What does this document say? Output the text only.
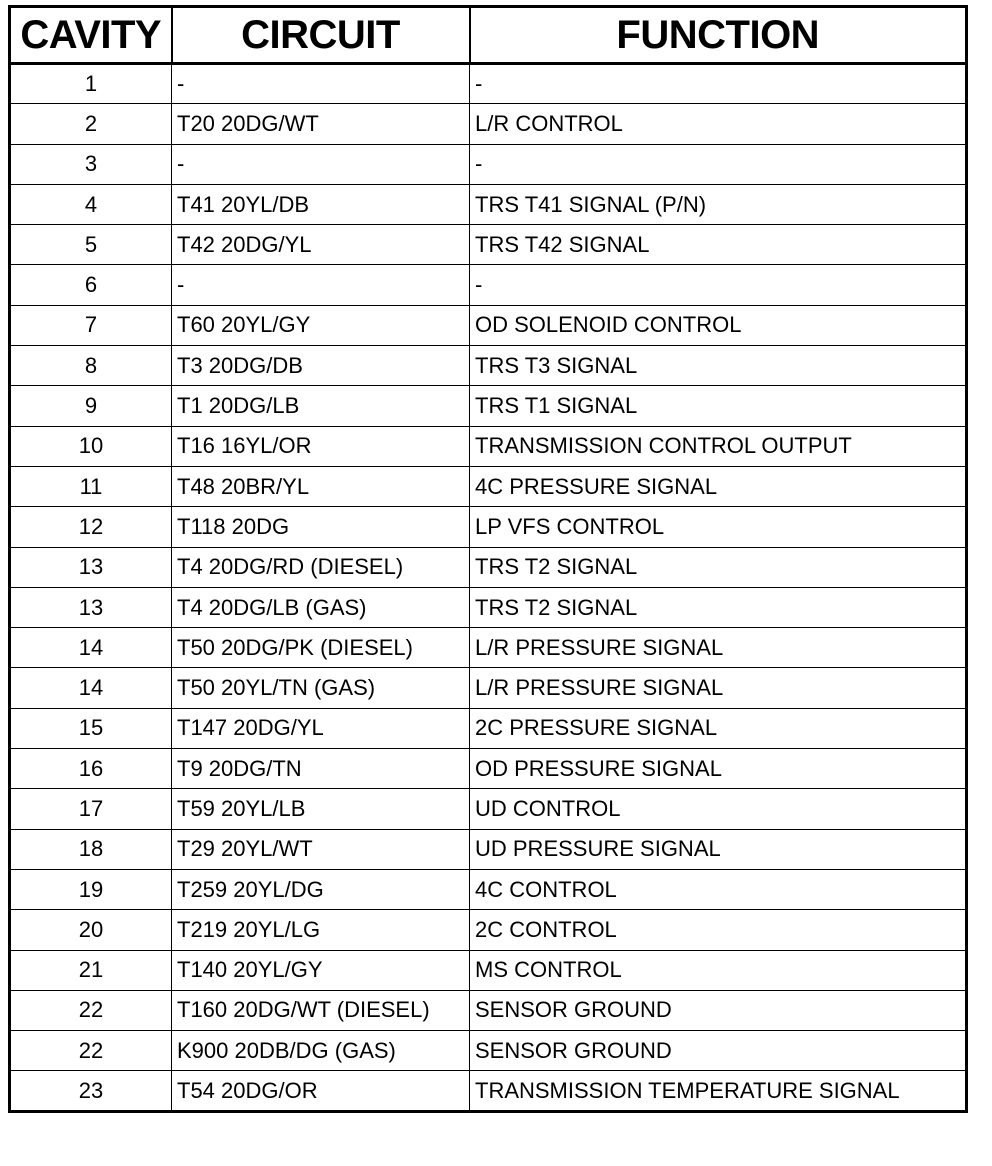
CAVITY	CIRCUIT	FUNCTION
1	-	-
2	T20 20DG/WT	L/R CONTROL
3	-	-
4	T41 20YL/DB	TRS T41 SIGNAL (P/N)
5	T42 20DG/YL	TRS T42 SIGNAL
6	-	-
7	T60 20YL/GY	OD SOLENOID CONTROL
8	T3 20DG/DB	TRS T3 SIGNAL
9	T1 20DG/LB	TRS T1 SIGNAL
10	T16 16YL/OR	TRANSMISSION CONTROL OUTPUT
11	T48 20BR/YL	4C PRESSURE SIGNAL
12	T118 20DG	LP VFS CONTROL
13	T4 20DG/RD (DIESEL)	TRS T2 SIGNAL
13	T4 20DG/LB (GAS)	TRS T2 SIGNAL
14	T50 20DG/PK (DIESEL)	L/R PRESSURE SIGNAL
14	T50 20YL/TN (GAS)	L/R PRESSURE SIGNAL
15	T147 20DG/YL	2C PRESSURE SIGNAL
16	T9 20DG/TN	OD PRESSURE SIGNAL
17	T59 20YL/LB	UD CONTROL
18	T29 20YL/WT	UD PRESSURE SIGNAL
19	T259 20YL/DG	4C CONTROL
20	T219 20YL/LG	2C CONTROL
21	T140 20YL/GY	MS CONTROL
22	T160 20DG/WT (DIESEL)	SENSOR GROUND
22	K900 20DB/DG (GAS)	SENSOR GROUND
23	T54 20DG/OR	TRANSMISSION TEMPERATURE SIGNAL
